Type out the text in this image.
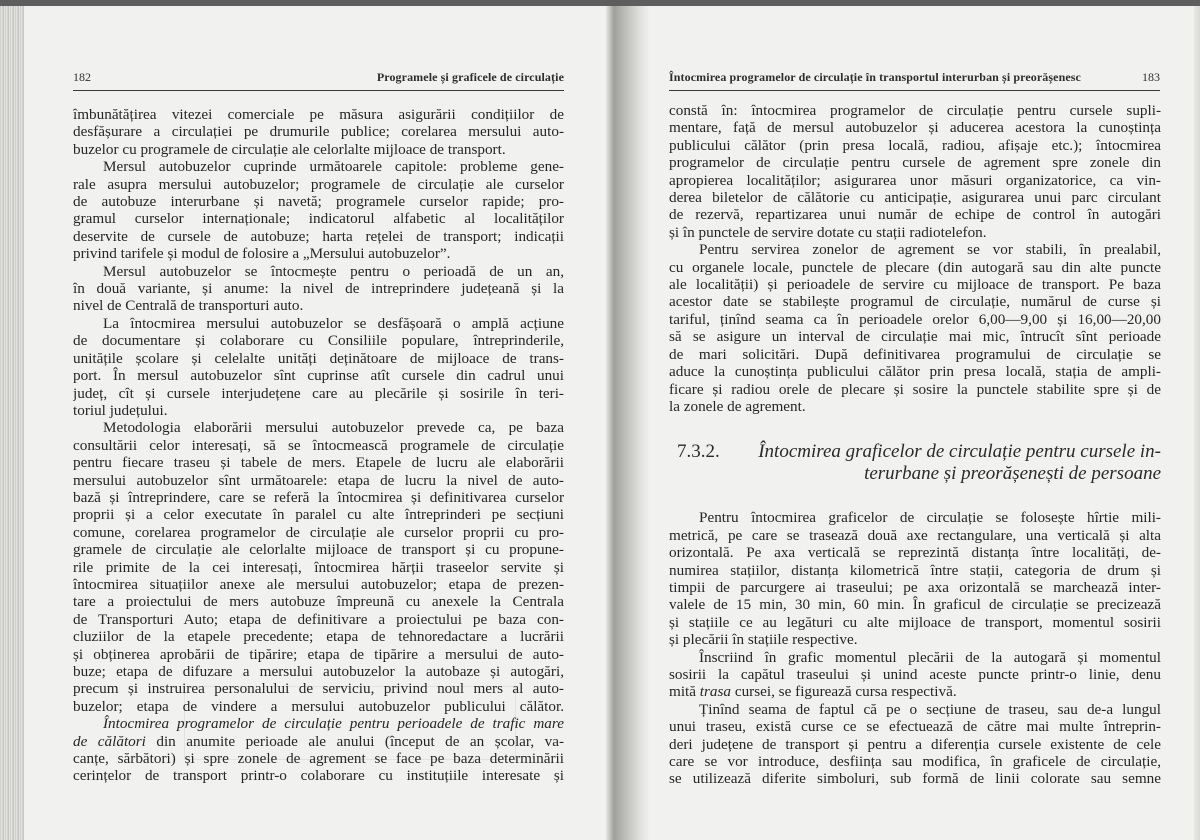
182	Programele și graficele de circulație
îmbunătățirea vitezei comerciale pe măsura asigurării condițiilor de
desfășurare a circulației pe drumurile publice; corelarea mersului auto-
buzelor cu programele de circulație ale celorlalte mijloace de transport.
Mersul autobuzelor cuprinde următoarele capitole: probleme gene-
rale asupra mersului autobuzelor; programele de circulație ale curselor
de autobuze interurbane și navetă; programele curselor rapide; pro-
gramul curselor internaționale; indicatorul alfabetic al localităților
deservite de cursele de autobuze; harta rețelei de transport; indicații
privind tarifele și modul de folosire a „Mersului autobuzelor”.
Mersul autobuzelor se întocmește pentru o perioadă de un an,
în două variante, și anume: la nivel de intreprindere județeană și la
nivel de Centrală de transporturi auto.
La întocmirea mersului autobuzelor se desfășoară o amplă acțiune
de documentare și colaborare cu Consiliile populare, întreprinderile,
unitățile școlare și celelalte unități deținătoare de mijloace de trans-
port. În mersul autobuzelor sînt cuprinse atît cursele din cadrul unui
județ, cît și cursele interjudețene care au plecările și sosirile în teri-
toriul județului.
Metodologia elaborării mersului autobuzelor prevede ca, pe baza
consultării celor interesați, să se întocmească programele de circulație
pentru fiecare traseu și tabele de mers. Etapele de lucru ale elaborării
mersului autobuzelor sînt următoarele: etapa de lucru la nivel de auto-
bază și întreprindere, care se referă la întocmirea și definitivarea curselor
proprii și a celor executate în paralel cu alte întreprinderi pe secțiuni
comune, corelarea programelor de circulație ale curselor proprii cu pro-
gramele de circulație ale celorlalte mijloace de transport și cu propune-
rile primite de la cei interesați, întocmirea hărții traseelor servite și
întocmirea situațiilor anexe ale mersului autobuzelor; etapa de prezen-
tare a proiectului de mers autobuze împreună cu anexele la Centrala
de Transporturi Auto; etapa de definitivare a proiectului pe baza con-
cluziilor de la etapele precedente; etapa de tehnoredactare a lucrării
și obținerea aprobării de tipărire; etapa de tipărire a mersului de auto-
buze; etapa de difuzare a mersului autobuzelor la autobaze și autogări,
precum și instruirea personalului de serviciu, privind noul mers al auto-
buzelor; etapa de vindere a mersului autobuzelor publicului călător.
Întocmirea programelor de circulație pentru perioadele de trafic mare
de călători din anumite perioade ale anului (început de an școlar, va-
canțe, sărbători) și spre zonele de agrement se face pe baza determinării
cerințelor de transport printr-o colaborare cu instituțiile interesate și
Întocmirea programelor de circulație în transportul interurban și preorășenesc	183
constă în: întocmirea programelor de circulație pentru cursele supli-
mentare, față de mersul autobuzelor și aducerea acestora la cunoștința
publicului călător (prin presa locală, radiou, afișaje etc.); întocmirea
programelor de circulație pentru cursele de agrement spre zonele din
apropierea localităților; asigurarea unor măsuri organizatorice, ca vin-
derea biletelor de călătorie cu anticipație, asigurarea unui parc circulant
de rezervă, repartizarea unui număr de echipe de control în autogări
și în punctele de servire dotate cu stații radiotelefon.
Pentru servirea zonelor de agrement se vor stabili, în prealabil,
cu organele locale, punctele de plecare (din autogară sau din alte puncte
ale localității) și perioadele de servire cu mijloace de transport. Pe baza
acestor date se stabilește programul de circulație, numărul de curse și
tariful, ținînd seama ca în perioadele orelor 6,00—9,00 și 16,00—20,00
să se asigure un interval de circulație mai mic, întrucît sînt perioade
de mari solicitări. După definitivarea programului de circulație se
aduce la cunoștința publicului călător prin presa locală, stația de ampli-
ficare și radiou orele de plecare și sosire la punctele stabilite spre și de
la zonele de agrement.
7.3.2. Întocmirea graficelor de circulație pentru cursele in-
terurbane și preorășenești de persoane
Pentru întocmirea graficelor de circulație se folosește hîrtie mili-
metrică, pe care se trasează două axe rectangulare, una verticală și alta
orizontală. Pe axa verticală se reprezintă distanța între localități, de-
numirea stațiilor, distanța kilometrică între stații, categoria de drum și
timpii de parcurgere ai traseului; pe axa orizontală se marchează inter-
valele de 15 min, 30 min, 60 min. În graficul de circulație se precizează
și stațiile ce au legături cu alte mijloace de transport, momentul sosirii
și plecării în stațiile respective.
Înscriind în grafic momentul plecării de la autogară și momentul
sosirii la capătul traseului și unind aceste puncte printr-o linie, denu
mită trasa cursei, se figurează cursa respectivă.
Ținînd seama de faptul că pe o secțiune de traseu, sau de-a lungul
unui traseu, există curse ce se efectuează de către mai multe întreprin-
deri județene de transport și pentru a diferenția cursele existente de cele
care se vor introduce, desființa sau modifica, în graficele de circulație,
se utilizează diferite simboluri, sub formă de linii colorate sau semne
